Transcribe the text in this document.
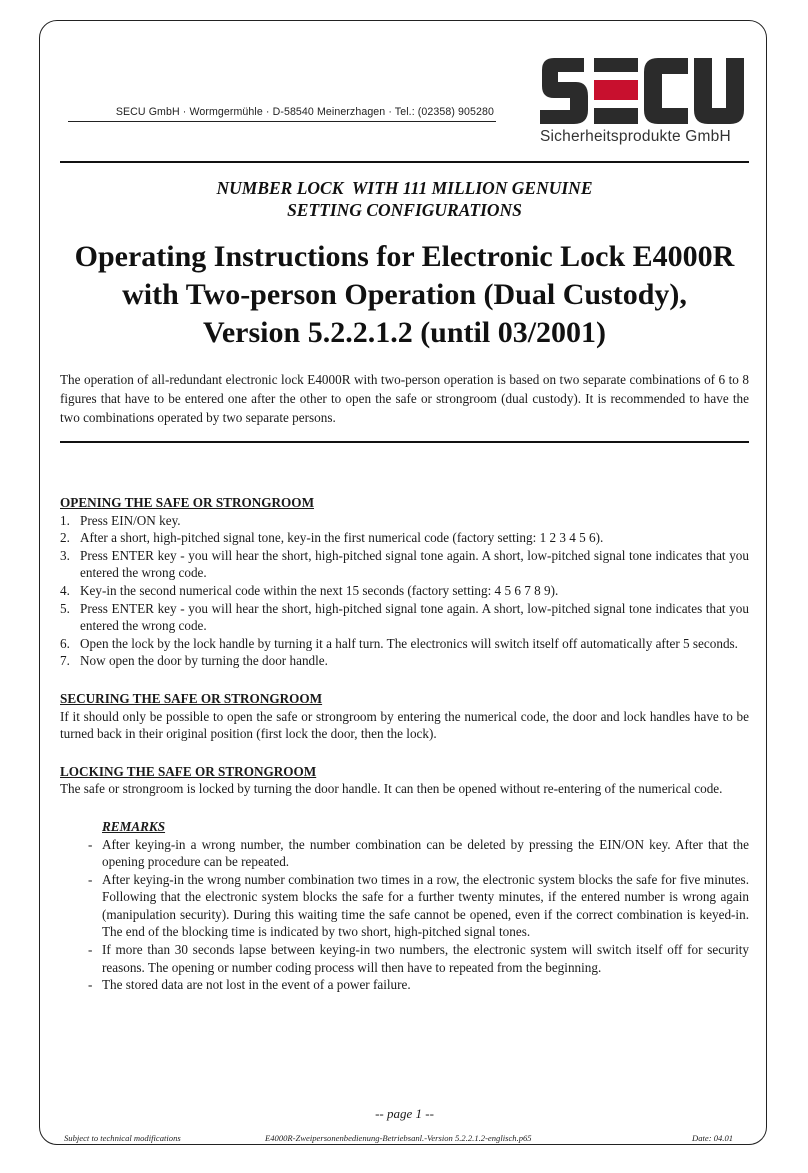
SECU GmbH · Wormgermühle · D-58540 Meinerzhagen · Tel.: (02358) 905280
Sicherheitsprodukte GmbH
NUMBER LOCK  WITH 111 MILLION GENUINE
SETTING CONFIGURATIONS
Operating Instructions for Electronic Lock E4000R
with Two-person Operation (Dual Custody),
Version 5.2.2.1.2 (until 03/2001)
The operation of all-redundant electronic lock E4000R with two-person operation is based on two separate combinations of 6 to 8 figures that have to be entered one after the other to open the safe or strongroom (dual custody). It is recommended to have the two combinations operated by two separate persons.
OPENING THE SAFE OR STRONGROOM
1. Press EIN/ON key.
2. After a short, high-pitched signal tone, key-in the first numerical code (factory setting: 1 2 3 4 5 6).
3. Press ENTER key - you will hear the short, high-pitched signal tone again. A short, low-pitched signal tone indicates that you entered the wrong code.
4. Key-in the second numerical code within the next 15 seconds (factory setting: 4 5 6 7 8 9).
5. Press ENTER key - you will hear the short, high-pitched signal tone again. A short, low-pitched signal tone indicates that you entered the wrong code.
6. Open the lock by the lock handle by turning it a half turn. The electronics will switch itself off automatically after 5 seconds.
7. Now open the door by turning the door handle.
SECURING THE SAFE OR STRONGROOM
If it should only be possible to open the safe or strongroom by entering the numerical code, the door and lock handles have to be turned back in their original position (first lock the door, then the lock).
LOCKING THE SAFE OR STRONGROOM
The safe or strongroom is locked by turning the door handle. It can then be opened without re-entering of the numerical code.
REMARKS
- After keying-in a wrong number, the number combination can be deleted by pressing the EIN/ON key. After that the opening procedure can be repeated.
- After keying-in the wrong number combination two times in a row, the electronic system blocks the safe for five minutes. Following that the electronic system blocks the safe for a further twenty minutes, if the entered number is wrong again (manipulation security). During this waiting time the safe cannot be opened, even if the correct combination is keyed-in. The end of the blocking time is indicated by two short, high-pitched signal tones.
- If more than 30 seconds lapse between keying-in two numbers, the electronic system will switch itself off for security reasons. The opening or number coding process will then have to repeated from the beginning.
- The stored data are not lost in the event of a power failure.
-- page 1 --
Subject to technical modifications	E4000R-Zweipersonenbedienung-Betriebsanl.-Version 5.2.2.1.2-englisch.p65	Date: 04.01
